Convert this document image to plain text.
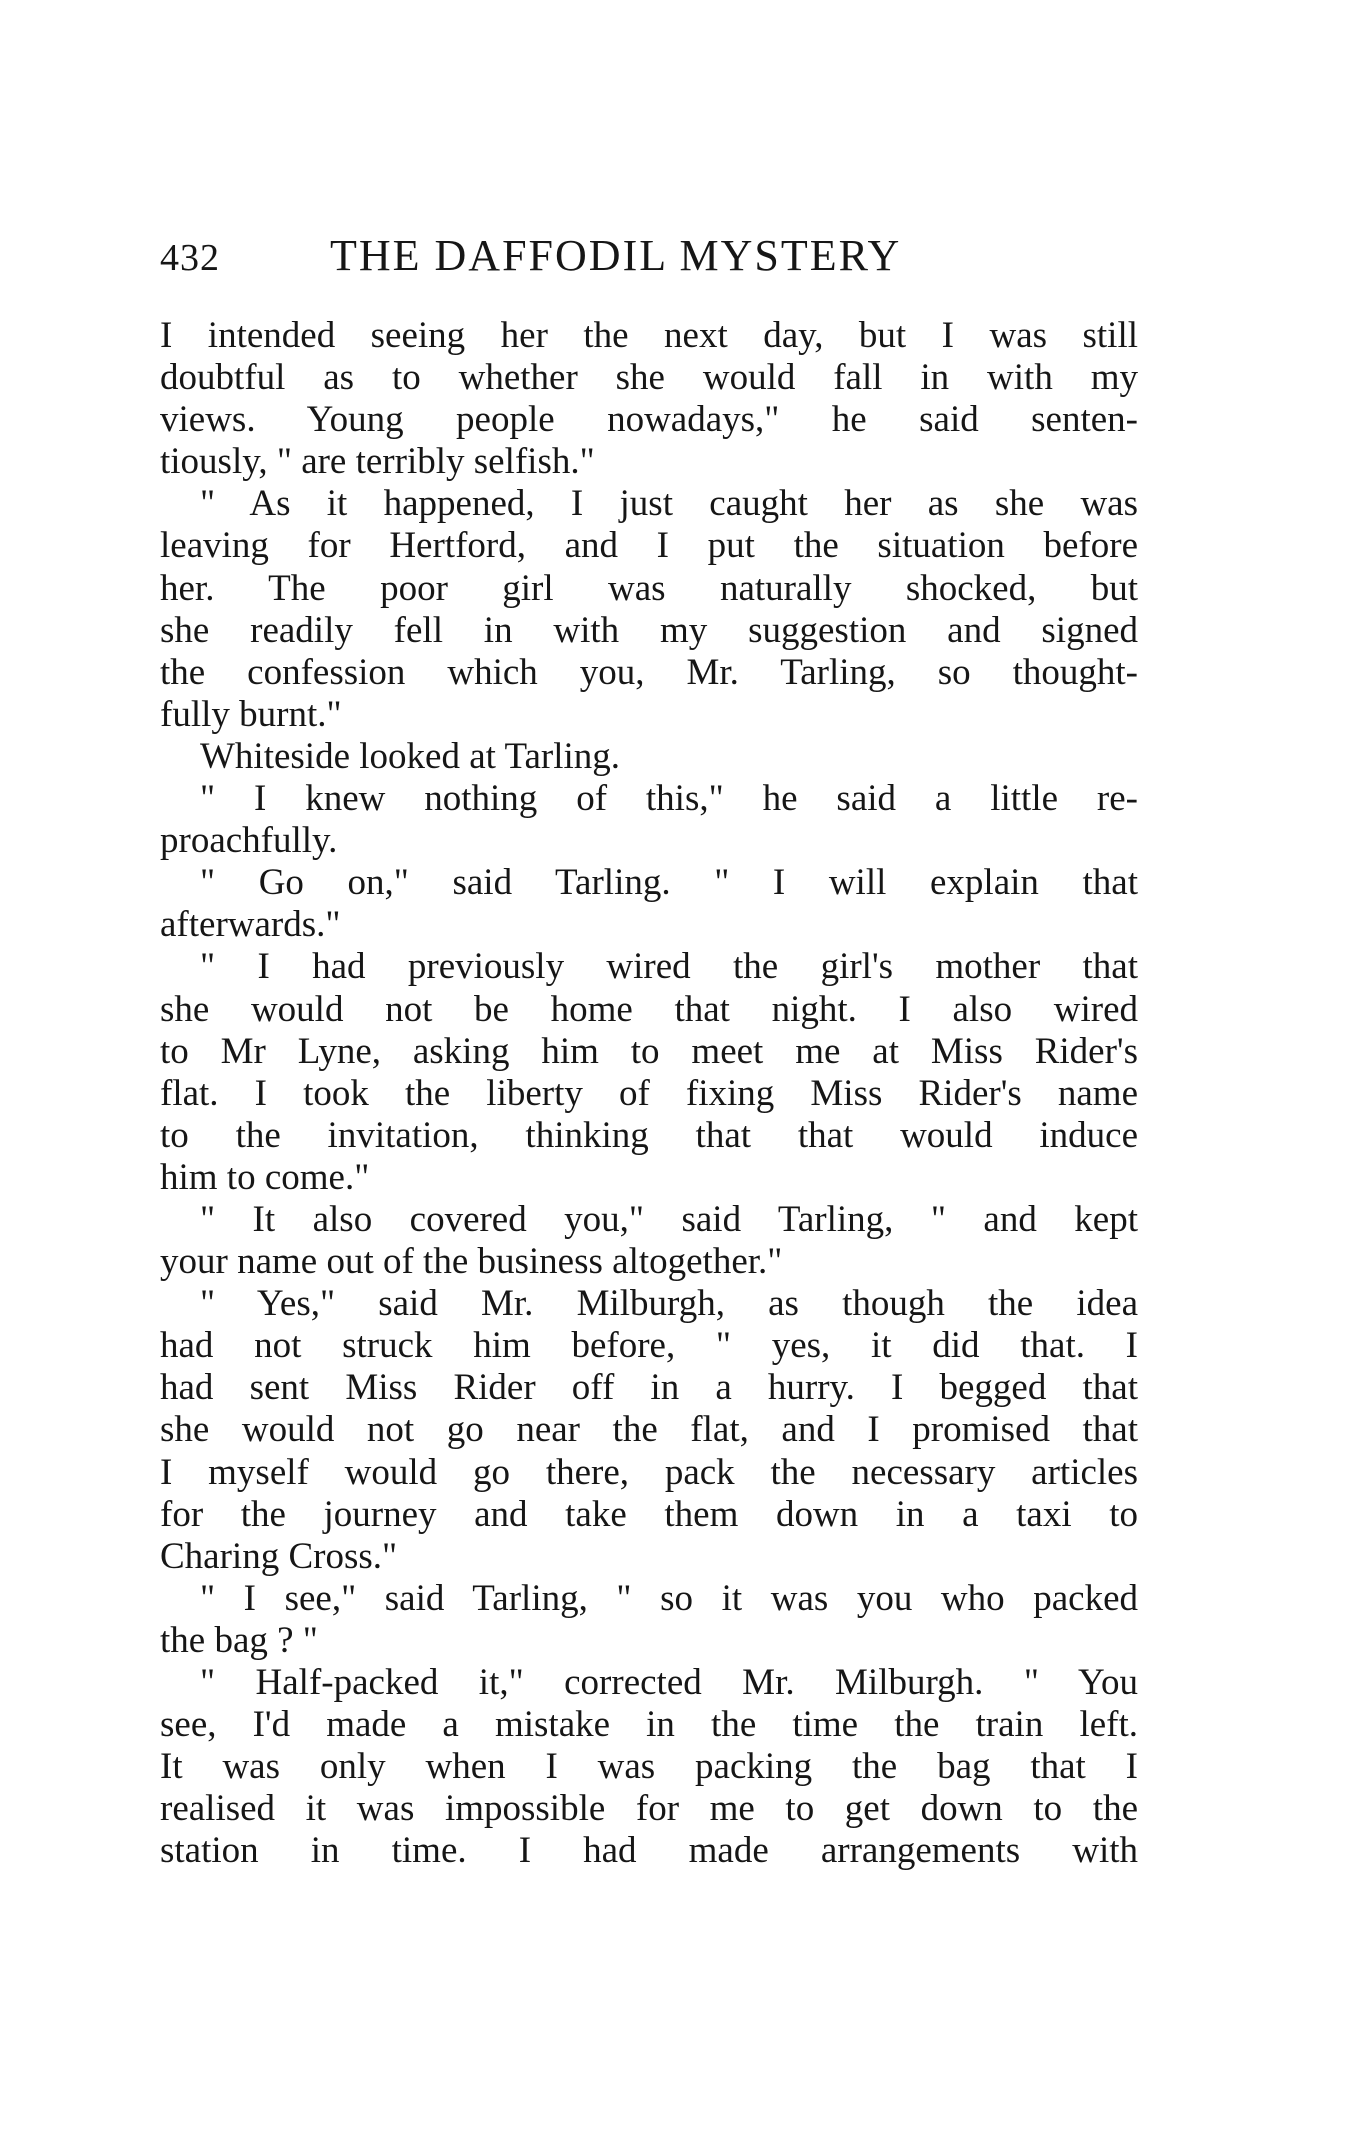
432	THE DAFFODIL MYSTERY
I intended seeing her the next day, but I was still
doubtful as to whether she would fall in with my
views. Young people nowadays," he said senten-
tiously, " are terribly selfish."
" As it happened, I just caught her as she was
leaving for Hertford, and I put the situation before
her. The poor girl was naturally shocked, but
she readily fell in with my suggestion and signed
the confession which you, Mr. Tarling, so thought-
fully burnt."
Whiteside looked at Tarling.
" I knew nothing of this," he said a little re-
proachfully.
" Go on," said Tarling. " I will explain that
afterwards."
" I had previously wired the girl's mother that
she would not be home that night. I also wired
to Mr Lyne, asking him to meet me at Miss Rider's
flat. I took the liberty of fixing Miss Rider's name
to the invitation, thinking that that would induce
him to come."
" It also covered you," said Tarling, " and kept
your name out of the business altogether."
" Yes," said Mr. Milburgh, as though the idea
had not struck him before, " yes, it did that. I
had sent Miss Rider off in a hurry. I begged that
she would not go near the flat, and I promised that
I myself would go there, pack the necessary articles
for the journey and take them down in a taxi to
Charing Cross."
" I see," said Tarling, " so it was you who packed
the bag ? "
" Half-packed it," corrected Mr. Milburgh. " You
see, I'd made a mistake in the time the train left.
It was only when I was packing the bag that I
realised it was impossible for me to get down to the
station in time. I had made arrangements with
